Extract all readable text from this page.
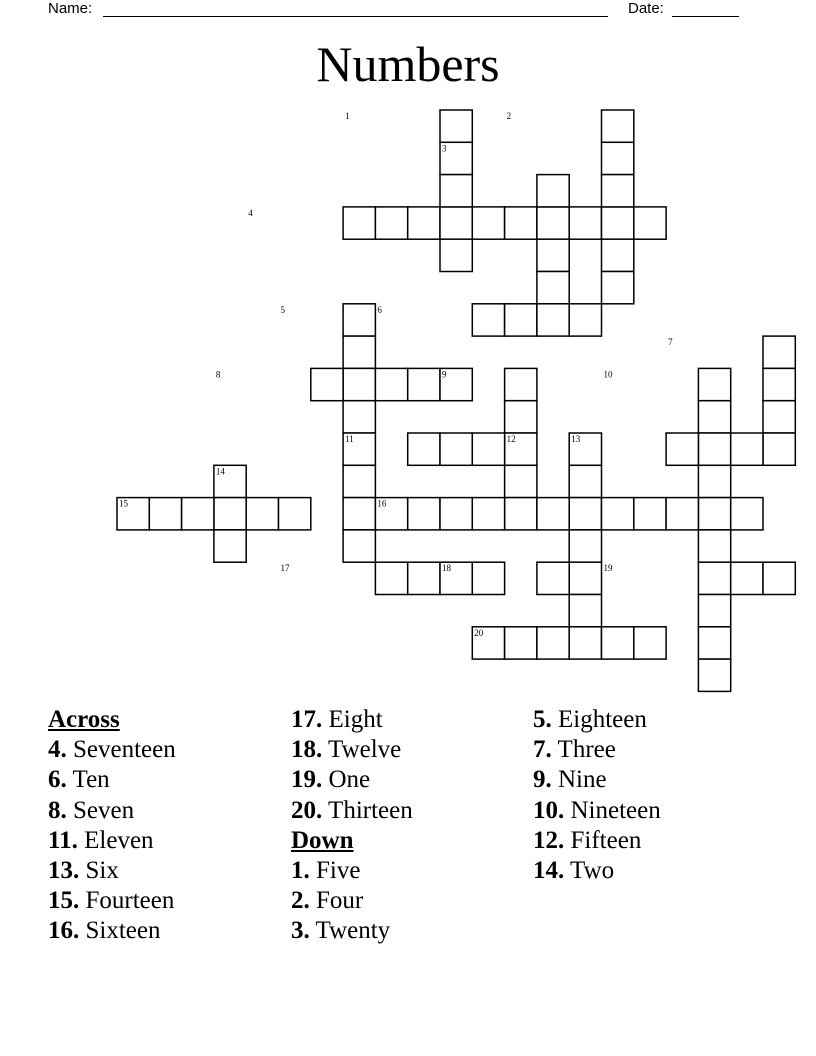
Name:	Date:
Numbers
1	2
3
4
5	6
7
8	9	10
11	12	13
14
15	16
17	18	19
20
Across
4. Seventeen
6. Ten
8. Seven
11. Eleven
13. Six
15. Fourteen
16. Sixteen
17. Eight
18. Twelve
19. One
20. Thirteen
Down
1. Five
2. Four
3. Twenty
5. Eighteen
7. Three
9. Nine
10. Nineteen
12. Fifteen
14. Two
